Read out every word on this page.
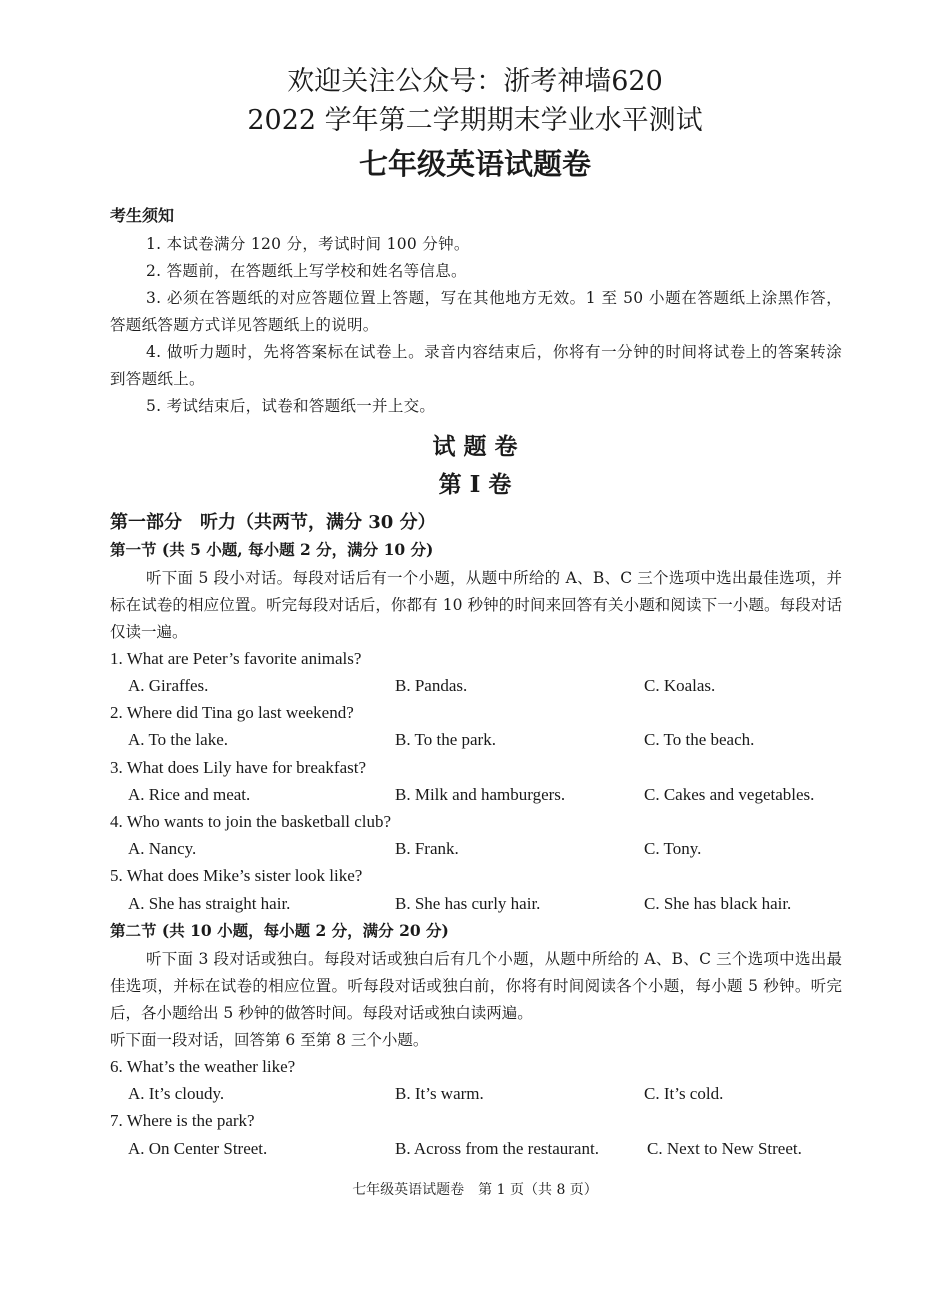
欢迎关注公众号：浙考神墙620
2022 学年第二学期期末学业水平测试
七年级英语试题卷
考生须知
1. 本试卷满分 120 分，考试时间 100 分钟。
2. 答题前，在答题纸上写学校和姓名等信息。
3. 必须在答题纸的对应答题位置上答题，写在其他地方无效。1 至 50 小题在答题纸上涂黑作答，答题纸答题方式详见答题纸上的说明。
4. 做听力题时，先将答案标在试卷上。录音内容结束后，你将有一分钟的时间将试卷上的答案转涂到答题纸上。
5. 考试结束后，试卷和答题纸一并上交。
试 题 卷
第 I 卷
第一部分　听力（共两节，满分 30 分）
第一节 (共 5 小题, 每小题 2 分，满分 10 分)
听下面 5 段小对话。每段对话后有一个小题，从题中所给的 A、B、C 三个选项中选出最佳选项，并标在试卷的相应位置。听完每段对话后，你都有 10 秒钟的时间来回答有关小题和阅读下一小题。每段对话仅读一遍。
1. What are Peter’s favorite animals?
A. Giraffes.	B. Pandas.	C. Koalas.
2. Where did Tina go last weekend?
A. To the lake.	B. To the park.	C. To the beach.
3. What does Lily have for breakfast?
A. Rice and meat.	B. Milk and hamburgers.	C. Cakes and vegetables.
4. Who wants to join the basketball club?
A. Nancy.	B. Frank.	C. Tony.
5. What does Mike’s sister look like?
A. She has straight hair.	B. She has curly hair.	C. She has black hair.
第二节 (共 10 小题，每小题 2 分，满分 20 分)
听下面 3 段对话或独白。每段对话或独白后有几个小题，从题中所给的 A、B、C 三个选项中选出最佳选项，并标在试卷的相应位置。听每段对话或独白前，你将有时间阅读各个小题，每小题 5 秒钟。听完后，各小题给出 5 秒钟的做答时间。每段对话或独白读两遍。
听下面一段对话，回答第 6 至第 8 三个小题。
6. What’s the weather like?
A. It’s cloudy.	B. It’s warm.	C. It’s cold.
7. Where is the park?
A. On Center Street.	B. Across from the restaurant.	C. Next to New Street.
七年级英语试题卷　第 1 页（共 8 页）
